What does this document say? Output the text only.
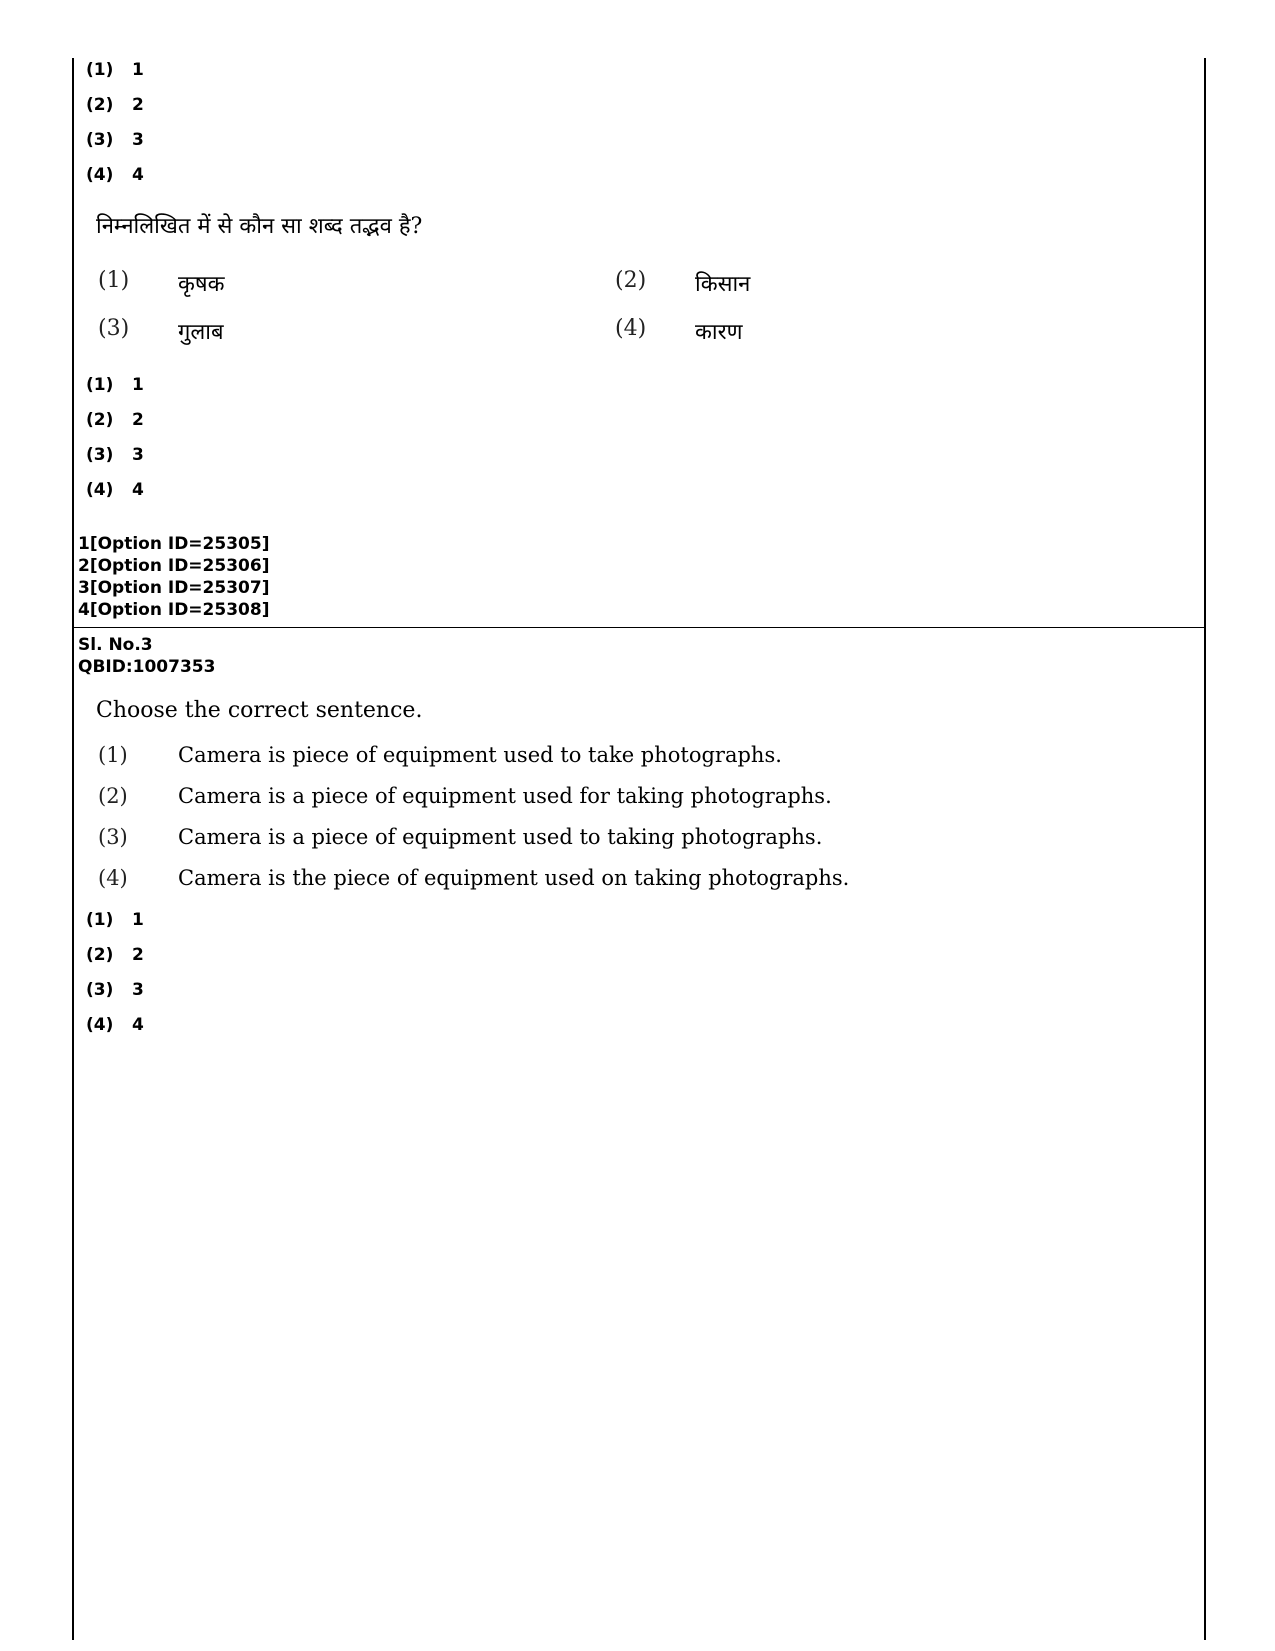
(1)	1
(2)	2
(3)	3
(4)	4
निम्नलिखित में से कौन सा शब्द तद्भव है?
(1)	कृषक	(2)	किसान
(3)	गुलाब	(4)	कारण
(1)	1
(2)	2
(3)	3
(4)	4
1[Option ID=25305]
2[Option ID=25306]
3[Option ID=25307]
4[Option ID=25308]
Sl. No.3
QBID:1007353
Choose the correct sentence.
(1)	Camera is piece of equipment used to take photographs.
(2)	Camera is a piece of equipment used for taking photographs.
(3)	Camera is a piece of equipment used to taking photographs.
(4)	Camera is the piece of equipment used on taking photographs.
(1)	1
(2)	2
(3)	3
(4)	4
